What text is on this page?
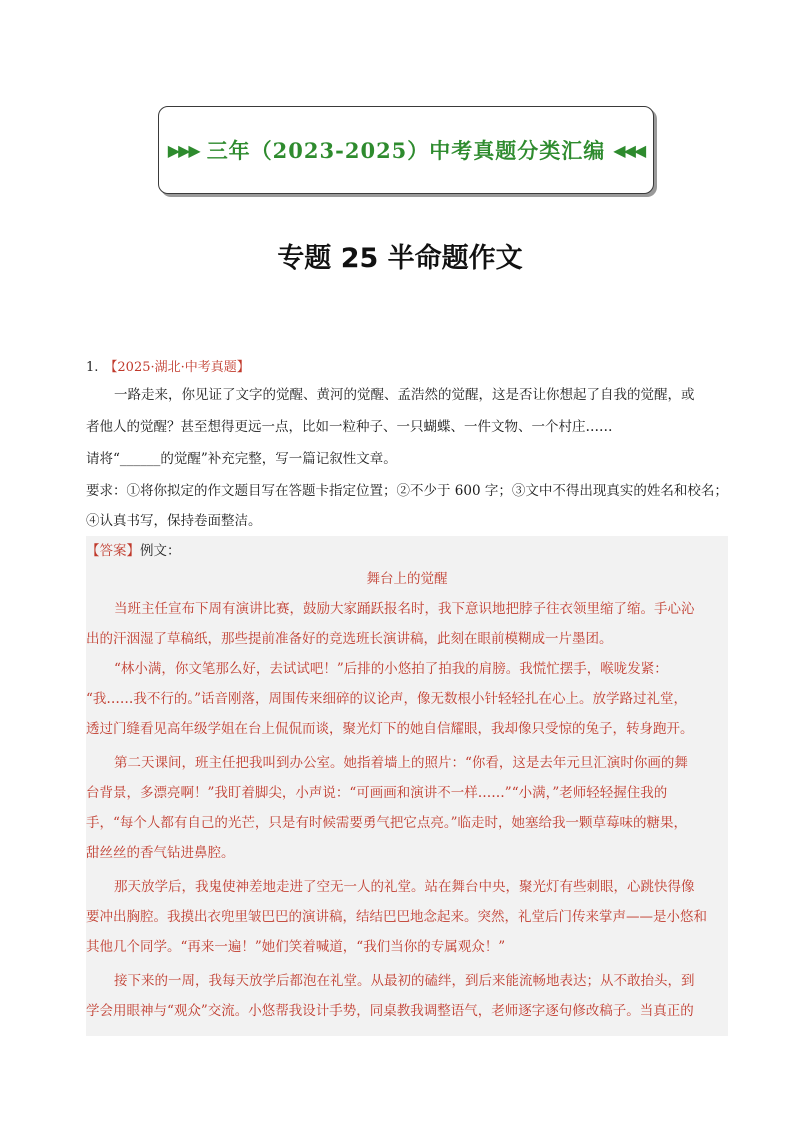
▶▶▶ 三年（2023-2025）中考真题分类汇编 ◀◀◀
专题 25 半命题作文
1. 【2025·湖北·中考真题】
一路走来，你见证了文字的觉醒、黄河的觉醒、孟浩然的觉醒，这是否让你想起了自我的觉醒，或
者他人的觉醒？甚至想得更远一点，比如一粒种子、一只蝴蝶、一件文物、一个村庄……
请将“______的觉醒”补充完整，写一篇记叙性文章。
要求：①将你拟定的作文题目写在答题卡指定位置；②不少于 600 字；③文中不得出现真实的姓名和校名；
④认真书写，保持卷面整洁。
【答案】例文：
舞台上的觉醒
当班主任宣布下周有演讲比赛，鼓励大家踊跃报名时，我下意识地把脖子往衣领里缩了缩。手心沁
出的汗洇湿了草稿纸，那些提前准备好的竞选班长演讲稿，此刻在眼前模糊成一片墨团。
“林小满，你文笔那么好，去试试吧！”后排的小悠拍了拍我的肩膀。我慌忙摆手，喉咙发紧：
“我……我不行的。”话音刚落，周围传来细碎的议论声，像无数根小针轻轻扎在心上。放学路过礼堂，
透过门缝看见高年级学姐在台上侃侃而谈，聚光灯下的她自信耀眼，我却像只受惊的兔子，转身跑开。
第二天课间，班主任把我叫到办公室。她指着墙上的照片：“你看，这是去年元旦汇演时你画的舞
台背景，多漂亮啊！”我盯着脚尖，小声说：“可画画和演讲不一样……”“小满，”老师轻轻握住我的
手，“每个人都有自己的光芒，只是有时候需要勇气把它点亮。”临走时，她塞给我一颗草莓味的糖果，
甜丝丝的香气钻进鼻腔。
那天放学后，我鬼使神差地走进了空无一人的礼堂。站在舞台中央，聚光灯有些刺眼，心跳快得像
要冲出胸腔。我摸出衣兜里皱巴巴的演讲稿，结结巴巴地念起来。突然，礼堂后门传来掌声——是小悠和
其他几个同学。“再来一遍！”她们笑着喊道，“我们当你的专属观众！”
接下来的一周，我每天放学后都泡在礼堂。从最初的磕绊，到后来能流畅地表达；从不敢抬头，到
学会用眼神与“观众”交流。小悠帮我设计手势，同桌教我调整语气，老师逐字逐句修改稿子。当真正的
